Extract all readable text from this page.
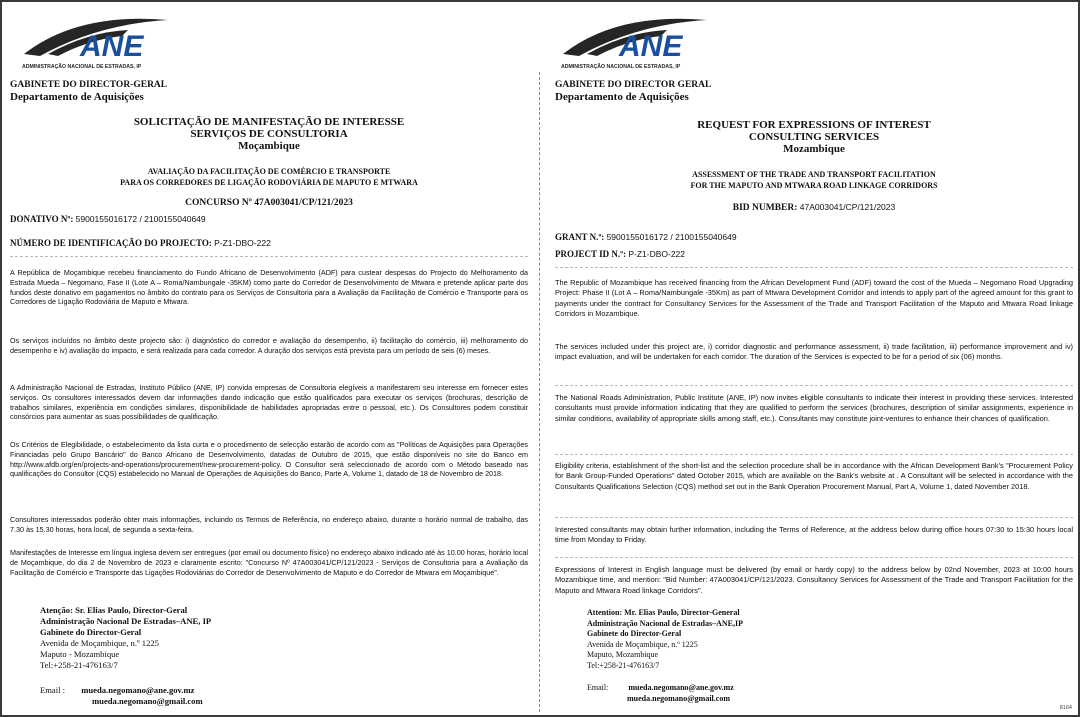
ANE
ADMINISTRAÇÃO NACIONAL DE ESTRADAS, IP
GABINETE DO DIRECTOR-GERAL
Departamento de Aquisições
SOLICITAÇÃO DE MANIFESTAÇÃO DE INTERESSE
SERVIÇOS DE CONSULTORIA
Moçambique
AVALIAÇÃO DA FACILITAÇÃO DE COMÉRCIO E TRANSPORTE
PARA OS CORREDORES DE LIGAÇÃO RODOVIÁRIA DE MAPUTO E MTWARA
CONCURSO Nº 47A003041/CP/121/2023
DONATIVO Nº: 5900155016172 / 2100155040649
NÚMERO DE IDENTIFICAÇÃO DO PROJECTO: P-Z1-DBO-222
A República de Moçambique recebeu financiamento do Fundo Africano de Desenvolvimento (ADF) para custear despesas do Projecto do Melhoramento da Estrada Mueda – Negomano, Fase II (Lote A – Roma/Nambungale -35KM) como parte do Corredor de Desenvolvimento de Mtwara e pretende aplicar parte dos fundos deste donativo em pagamentos no âmbito do contrato para os Serviços de Consultoria para a Avaliação da Facilitação de Comércio e Transporte para os Corredores de Ligação Rodoviária de Maputo e Mtwara.
Os serviços incluídos no âmbito deste projecto são: i) diagnóstico do corredor e avaliação do desempenho, ii) facilitação do comércio, iii) melhoramento do desempenho e iv) avaliação do impacto, e será realizada para cada corredor. A duração dos serviços está prevista para um período de seis (6) meses.
A Administração Nacional de Estradas, Instituto Público (ANE, IP) convida empresas de Consultoria elegíveis a manifestarem seu interesse em fornecer estes serviços. Os consultores interessados devem dar informações dando indicação que estão qualificados para executar os serviços (brochuras, descrição de trabalhos similares, experiência em condições similares, disponibilidade de habilidades apropriadas entre o pessoal, etc.). Os Consultores podem constituir consórcios para aumentar as suas possibilidades de qualificação.
Os Critérios de Elegibilidade, o estabelecimento da lista curta e o procedimento de selecção estarão de acordo com as "Políticas de Aquisições para Operações Financiadas pelo Grupo Bancário" do Banco Africano de Desenvolvimento, datadas de Outubro de 2015, que estão disponíveis no site do Banco em http://www.afdb.org/en/projects-and-operations/procurement/new-procurement-policy. O Consultor será seleccionado de acordo com o Método baseado nas qualificações do Consultor (CQS) estabelecido no Manual de Operações de Aquisições do Banco, Parte A, Volume 1, datado de 18 de Novembro de 2018.
Consultores interessados poderão obter mais informações, incluindo os Termos de Referência, no endereço abaixo, durante o horário normal de trabalho, das 7.30 às 15.30 horas, hora local, de segunda a sexta-feira.
Manifestações de Interesse em língua inglesa devem ser entregues (por email ou documento físico) no endereço abaixo indicado até às 10.00 horas, horário local de Moçambique, do dia 2 de Novembro de 2023 e claramente escrito: "Concurso Nº 47A003041/CP/121/2023 - Serviços de Consultoria para a Avaliação da Facilitação de Comércio e Transporte das Ligações Rodoviárias do Corredor de Desenvolvimento de Maputo e do Corredor de Mtwara em Moçambique".
Atenção: Sr. Elias Paulo, Director-Geral
Administração Nacional De Estradas–ANE, IP
Gabinete do Director-Geral
Avenida de Moçambique, n.º 1225
Maputo - Mozambique
Tel:+258-21-476163/7
Email : mueda.negomano@ane.gov.mz
mueda.negomano@gmail.com
ANE
ADMINISTRAÇÃO NACIONAL DE ESTRADAS, IP
GABINETE DO DIRECTOR GERAL
Departamento de Aquisições
REQUEST FOR EXPRESSIONS OF INTEREST
CONSULTING SERVICES
Mozambique
ASSESSMENT OF THE TRADE AND TRANSPORT FACILITATION
FOR THE MAPUTO AND MTWARA ROAD LINKAGE CORRIDORS
BID NUMBER: 47A003041/CP/121/2023
GRANT N.º: 5900155016172 / 2100155040649
PROJECT ID N.º: P-Z1-DBO-222
The Republic of Mozambique has received financing from the African Development Fund (ADF) toward the cost of the Mueda – Negomano Road Upgrading Project: Phase II (Lot A – Roma/Nambungale -35Km) as part of Mtwara Development Corridor and intends to apply part of the agreed amount for this grant to payments under the contract for Consultancy Services for the Assessment of the Trade and Transport Facilitation of the Maputo and Mtwara Road linkage Corridors in Mozambique.
The services included under this project are, i) corridor diagnostic and performance assessment, ii) trade facilitation, iii) performance improvement and iv) impact evaluation, and will be undertaken for each corridor. The duration of the Services is expected to be for a period of six (06) months.
The National Roads Administration, Public Institute (ANE, IP) now invites eligible consultants to indicate their interest in providing these services. Interested consultants must provide information indicating that they are qualified to perform the services (brochures, description of similar assignments, experience in similar conditions, availability of appropriate skills among staff, etc.). Consultants may constitute joint-ventures to enhance their chances of qualification.
Eligibility criteria, establishment of the short-list and the selection procedure shall be in accordance with the African Development Bank's "Procurement Policy for Bank Group-Funded Operations" dated October 2015, which are available on the Bank's website at . A Consultant will be selected in accordance with the Consultants Qualifications Selection (CQS) method set out in the Bank Operation Procurement Manual, Part A, Volume 1, dated November 2018.
Interested consultants may obtain further information, including the Terms of Reference, at the address below during office hours 07:30 to 15:30 hours local time from Monday to Friday.
Expressions of Interest in English language must be delivered (by email or hardy copy) to the address below by 02nd November, 2023 at 10:00 hours Mozambique time, and mention: "Bid Number: 47A003041/CP/121/2023. Consultancy Services for Assessment of the Trade and Transport Facilitation for the Maputo and Mtwara Road linkage Corridors".
Attention: Mr. Elias Paulo, Director-General
Administração Nacional de Estradas–ANE,IP
Gabinete do Director-Geral
Avenida de Moçambique, n.º 1225
Maputo, Mozambique
Tel:+258-21-476163/7
Email:	mueda.negomano@ane.gov.mz
mueda.negomano@gmail.com
8164
